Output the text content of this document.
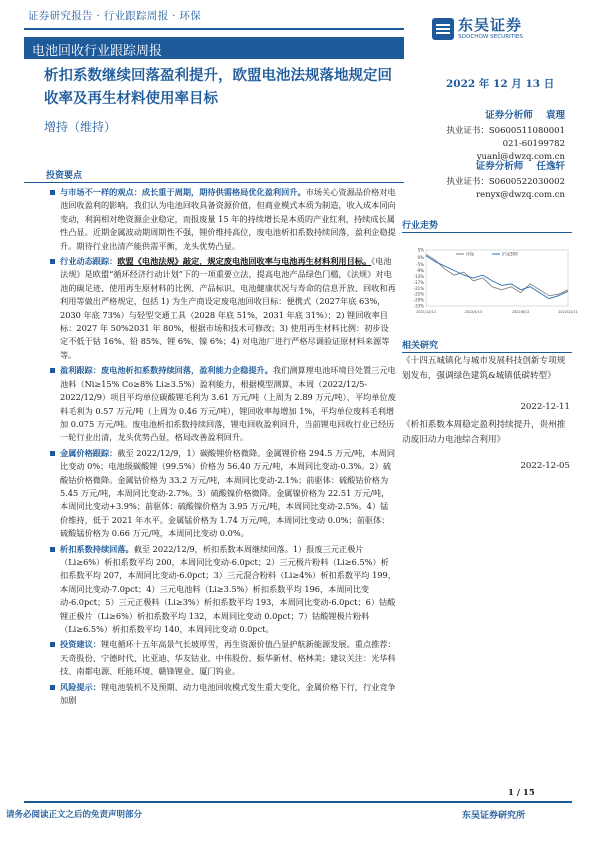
证券研究报告 · 行业跟踪周报 · 环保	东吴证券
SOOCHOW SECURITIES
电池回收行业跟踪周报
析扣系数继续回落盈利提升，欧盟电池法规落地规定回收率及再生材料使用率目标
增持（维持）
2022 年 12 月 13 日
证券分析师 袁理
执业证书：S0600511080001
021-60199782
yuanl@dwzq.com.cn
证券分析师 任逸轩
执业证书：S0600522030002
renyx@dwzq.com.cn
投资要点

与市场不一样的观点：成长重于周期，期待供需格局优化盈利回升。市场关心资源品价格对电池回收盈利的影响。我们认为电池回收具备资源价值，但商业模式本质为制造，收入成本同向变动，利润相对绝资源企业稳定，而报废量 15 年的持续增长是本质的产业红利，持续成长属性凸显。近期金属波动期周期性不强，锂价维持高位，废电池析扣系数持续回落，盈利企稳提升。期待行业出清产能供需平衡，龙头优势凸显。

行业动态跟踪：欧盟《电池法规》敲定，规定废电池回收率与电池再生材料利用目标。《电池法规》是欧盟“循环经济行动计划”下的一项重要立法，提高电池产品绿色门槛，《法规》对电池的碳足迹、使用再生原材料的比例、产品标识、电池健康状况与寿命的信息开放、回收和再利用等做出严格规定，包括 1) 为生产商设定废电池回收目标：便携式（2027年底 63%，2030 年底 73%）与轻型交通工具（2028 年底 51%，2031 年底 31%）；2) 锂回收率目标：2027 年 50%2031 年 80%，根据市场和技术可修改；3) 使用再生材料比例：初步设定不低于钴 16%、铅 85%、锂 6%、镍 6%；4) 对电池厂进行严格尽调验证原材料来源等等。

盈利跟踪：废电池析扣系数持续回落，盈利能力企稳提升。我们测算理电池环境目处置三元电池料（Ni≥15% Co≥8% Li≥3.5%）盈利能力，根据模型测算，本周（2022/12/5-2022/12/9）项目平均单位碳酸锂毛利为 3.61 万元/吨（上周为 2.89 万元/吨），平均单位废料毛利为 0.57 万元/吨（上周为 0.46 万元/吨），锂回收率每增加 1%，平均单位废料毛利增加 0.075 万元/吨。废电池析扣系数持续回落，锂电回收盈利回升，当前锂电回收行业已经历一轮行业出清，龙头优势凸显，格局改善盈利回升。

金属价格跟踪：截至 2022/12/9，1）碳酸锂价格微降。金属锂价格 294.5 万元/吨，本周同比变动 0%；电池级碳酸锂（99.5%）价格为 56.40 万元/吨，本周同比变动-0.3%。2）硫酸钴价格微降。金属钴价格为 33.2 万元/吨，本周同比变动-2.1%；前驱体：硫酸钴价格为 5.45 万元/吨，本周同比变动-2.7%。3）硫酸镍价格微降。金属镍价格为 22.51 万元/吨，本周同比变动+3.9%；前驱体：硫酸镍价格为 3.95 万元/吨，本周同比变动-2.5%。4）锰价维持，低于 2021 年水平。金属锰价格为 1.74 万元/吨，本周同比变动 0.0%；前驱体：硫酸锰价格为 0.66 万元/吨，本周同比变动 0.0%。

析扣系数持续回落。截至 2022/12/9，析扣系数本周继续回落。1）报废三元正极片（Li≥6%）析扣系数平均 200，本周同比变动-6.0pct；2）三元极片粉料（Li≥6.5%）析扣系数平均 207，本周同比变动-6.0pct；3）三元混合粉料（Li≥4%）析扣系数平均 199，本周同比变动-7.0pct；4）三元电池料（Li≥3.5%）析扣系数平均 196，本周同比变动-6.0pct；5）三元正极料（Li≥3%）析扣系数平均 193，本周同比变动-6.0pct；6）钴酸锂正极片（Li≥6%）析扣系数平均 132，本周同比变动 0.0pct；7）钴酸锂极片粉料（Li≥6.5%）析扣系数平均 140，本周同比变动 0.0pct。

投资建议：锂电循环十五年高景气长坡厚雪，再生资源价值凸显护航新能源发展。重点推荐：天奇股份、宁德时代、比亚迪、华友钴业、中伟股份、振华新材、格林美；建议关注：光华科技、南都电源、旺能环境、赣锋锂业、厦门钨业。

风险提示：锂电池装机不及预期、动力电池回收模式发生重大变化，金属价格下行，行业竞争加剧

行业走势
5%
0%
-5%
-9%
-13%
-17%
-21%
-25%
-29%
-33%
2021/12/13	2022/4/13	2022/8/12	2022/12/11
环保	沪深300
相关研究
《十四五城镇化与城市发展科技创新专项规划发布，强调绿色建筑&城镇低碳转型》
2022-12-11
《析扣系数本周稳定盈利持续提升，贵州推动废旧动力电池综合利用》
2022-12-05
1 / 15
请务必阅读正文之后的免责声明部分	东吴证券研究所
